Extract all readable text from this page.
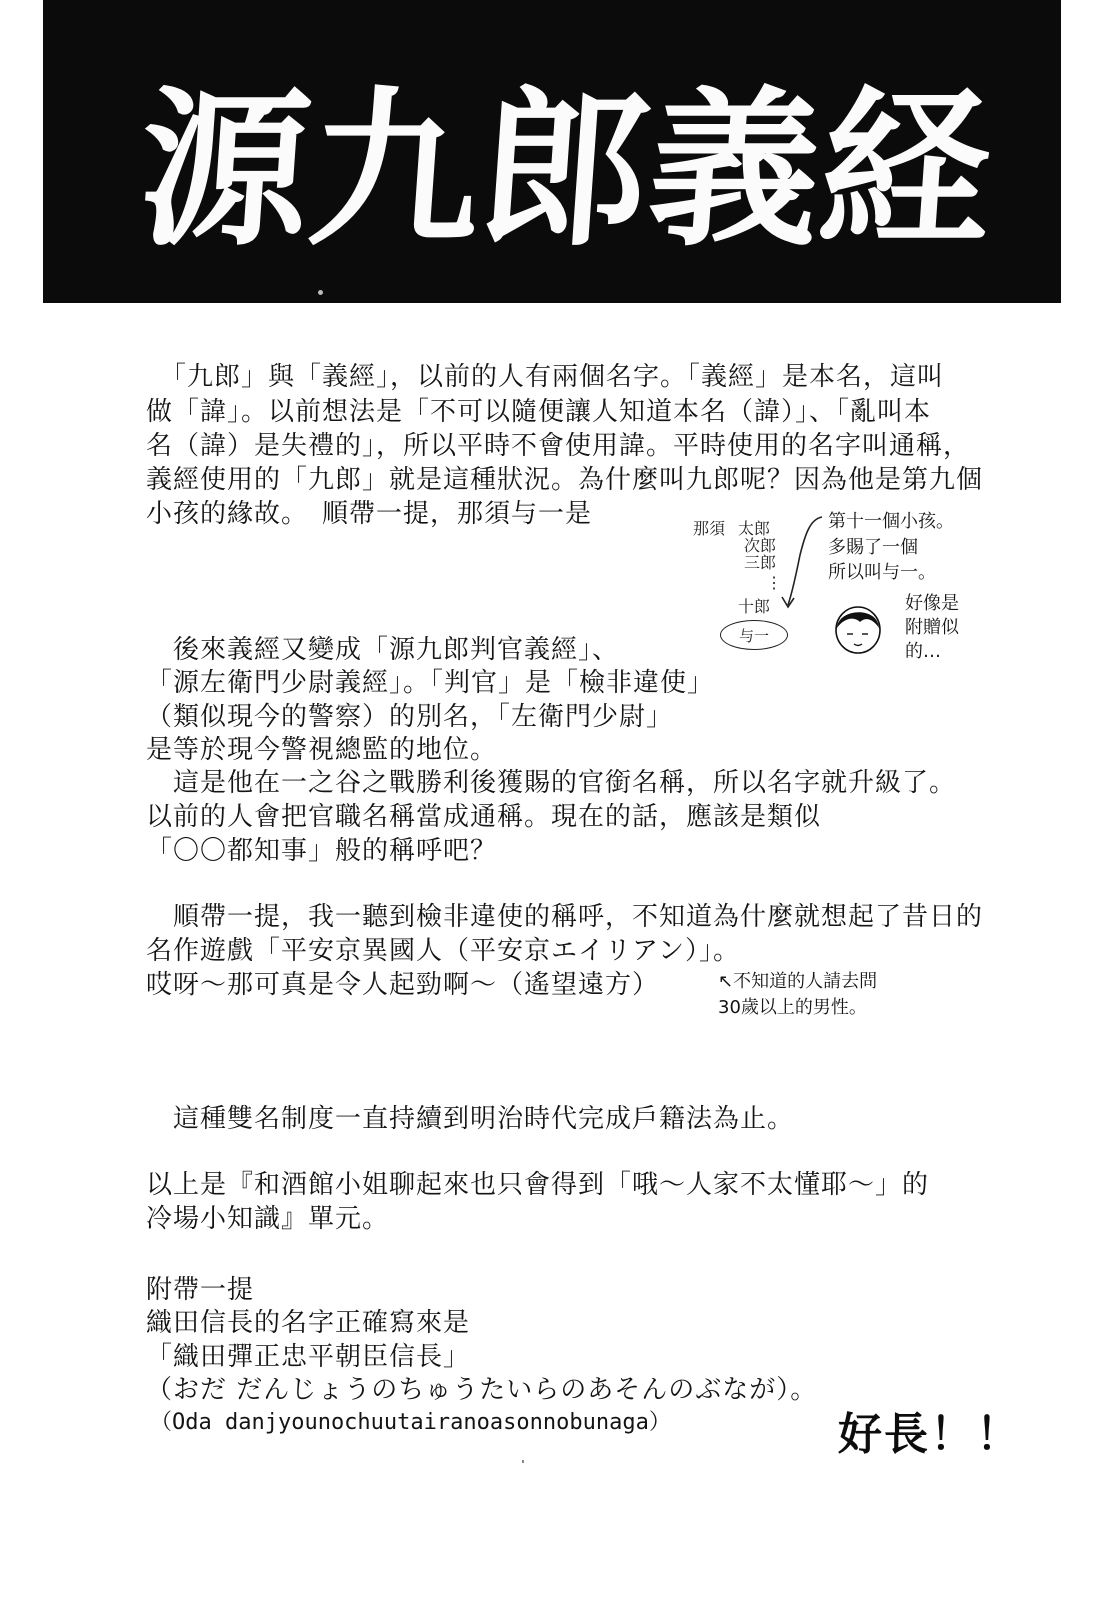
源
九
郎
義
経
　「九郎」與「義經」，以前的人有兩個名字。「義經」是本名，這叫
做「諱」。以前想法是「不可以隨便讓人知道本名（諱）」、「亂叫本
名（諱）是失禮的」，所以平時不會使用諱。平時使用的名字叫通稱，
義經使用的「九郎」就是這種狀況。為什麼叫九郎呢？因為他是第九個
小孩的緣故。　順帶一提，那須与一是	那須 太郎
次郎
三郎
⋮
十郎
与一
第十一個小孩。
多賜了一個
所以叫与一。
好像是
附贈似
的…
　後來義經又變成「源九郎判官義經」、
「源左衛門少尉義經」。「判官」是「檢非違使」
（類似現今的警察）的別名，「左衛門少尉」
是等於現今警視總監的地位。
　這是他在一之谷之戰勝利後獲賜的官銜名稱，所以名字就升級了。
以前的人會把官職名稱當成通稱。現在的話，應該是類似
「〇〇都知事」般的稱呼吧？
　順帶一提，我一聽到檢非違使的稱呼，不知道為什麼就想起了昔日的
名作遊戲「平安京異國人（平安京エイリアン）」。
哎呀～那可真是令人起勁啊～（遙望遠方）	↖不知道的人請去問
30歲以上的男性。
　這種雙名制度一直持續到明治時代完成戶籍法為止。
以上是『和酒館小姐聊起來也只會得到「哦～人家不太懂耶～」的
冷場小知識』單元。
附帶一提
織田信長的名字正確寫來是
「織田彈正忠平朝臣信長」
（おだ だんじょうのちゅうたいらのあそんのぶなが）。
（Oda danjyounochuutairanoasonnobunaga）	好長！！
